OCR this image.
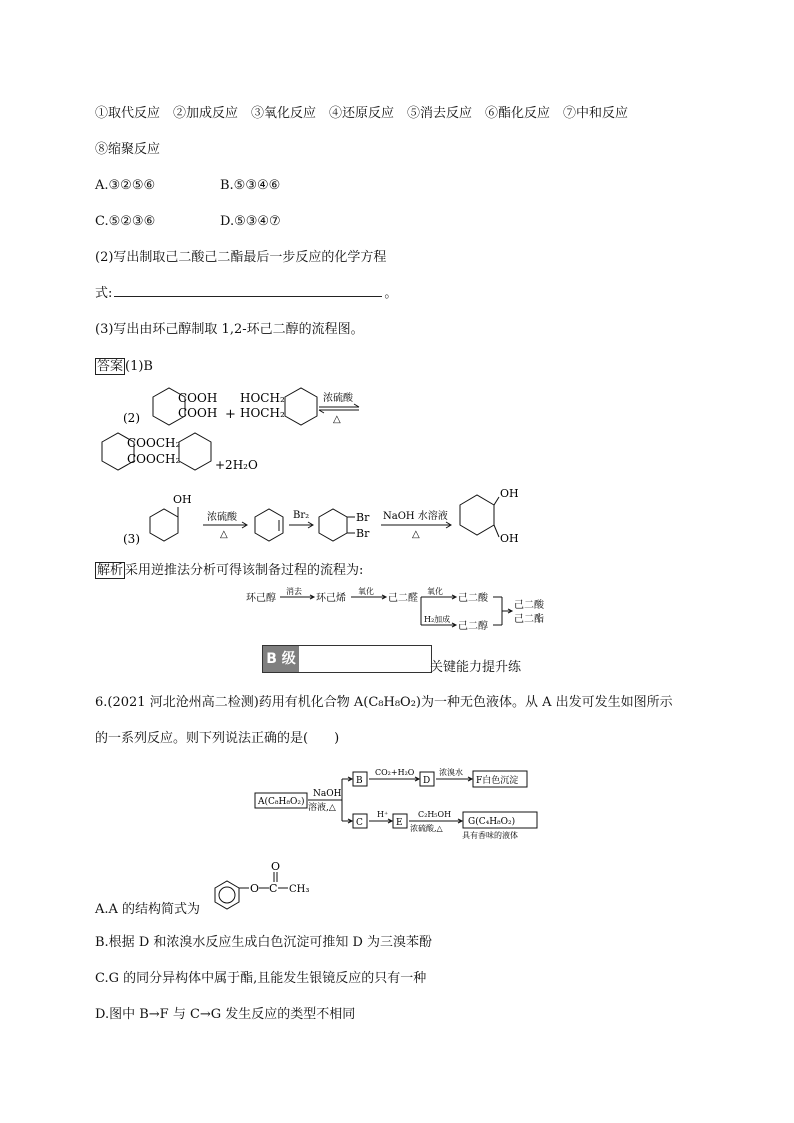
①取代反应　②加成反应　③氧化反应　④还原反应　⑤消去反应　⑥酯化反应　⑦中和反应
⑧缩聚反应
A.③②⑤⑥	B.⑤③④⑥
C.⑤②③⑥	D.⑤③④⑦
(2)写出制取己二酸己二酯最后一步反应的化学方程
式:	。
(3)写出由环己醇制取 1,2-环己二醇的流程图。
答案 (1)B
(2)
COOH
COOH +
HOCH₂
HOCH₂
浓硫酸
△
COOCH₂
COOCH₂	+2H₂O
(3)
OH
浓硫酸
△
Br₂	Br
Br
NaOH 水溶液
△
OH
OH
解析 采用逆推法分析可得该制备过程的流程为:
环己醇
消去
环己烯
氧化
己二醛
氧化
己二酸
H₂加成
己二醇
己二酸
己二酯
B 级
关键能力提升练
6.(2021 河北沧州高二检测)药用有机化合物 A(C₈H₈O₂)为一种无色液体。从 A 出发可发生如图所示
的一系列反应。则下列说法正确的是(　　)
A(C₈H₈O₂)
NaOH
溶液,△
B
CO₂+H₂O
D
浓溴水
F白色沉淀
C
H⁺
E
C₂H₅OH
浓硫酸,△
G(C₄H₈O₂)
具有香味的液体
A.A 的结构简式为
O C
O
CH₃
B.根据 D 和浓溴水反应生成白色沉淀可推知 D 为三溴苯酚
C.G 的同分异构体中属于酯,且能发生银镜反应的只有一种
D.图中 B→F 与 C→G 发生反应的类型不相同
